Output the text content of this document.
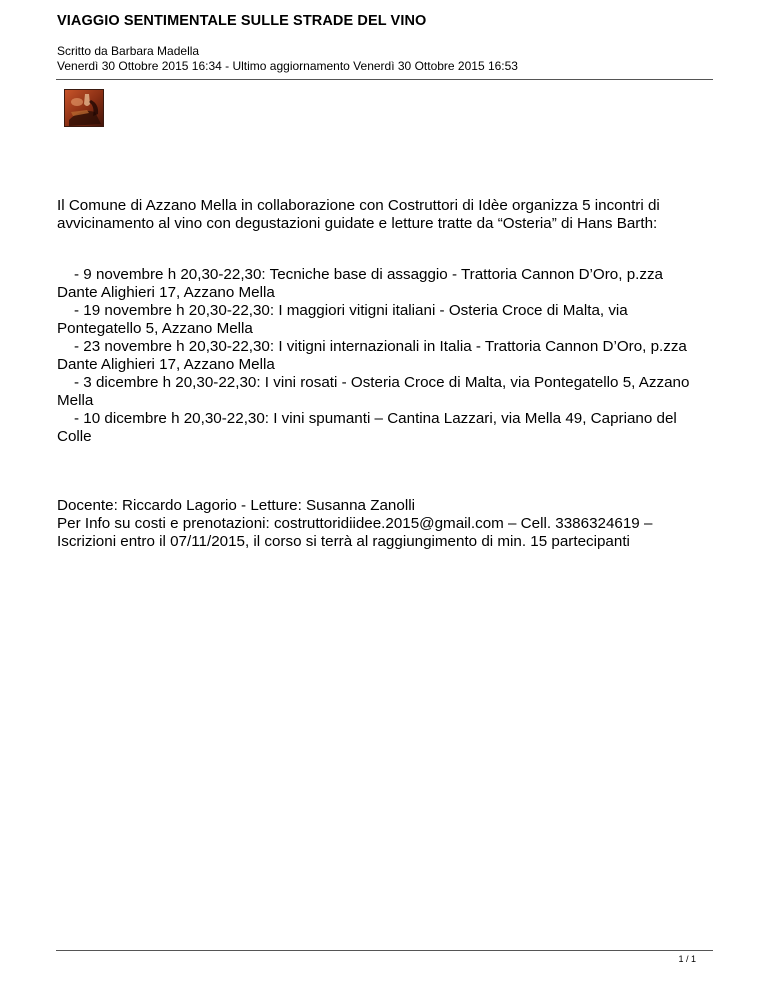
VIAGGIO SENTIMENTALE SULLE STRADE DEL VINO
Scritto da Barbara Madella
Venerdì 30 Ottobre 2015 16:34 - Ultimo aggiornamento Venerdì 30 Ottobre 2015 16:53
Il Comune di Azzano Mella in collaborazione con Costruttori di Idèe organizza 5 incontri di
avvicinamento al vino con degustazioni guidate e letture tratte da “Osteria” di Hans Barth:
- 9 novembre h 20,30-22,30: Tecniche base di assaggio - Trattoria Cannon D’Oro, p.zza
Dante Alighieri 17, Azzano Mella
- 19 novembre h 20,30-22,30: I maggiori vitigni italiani - Osteria Croce di Malta, via
Pontegatello 5, Azzano Mella
- 23 novembre h 20,30-22,30: I vitigni internazionali in Italia - Trattoria Cannon D’Oro, p.zza
Dante Alighieri 17, Azzano Mella
- 3 dicembre h 20,30-22,30: I vini rosati - Osteria Croce di Malta, via Pontegatello 5, Azzano
Mella
- 10 dicembre h 20,30-22,30: I vini spumanti – Cantina Lazzari, via Mella 49, Capriano del
Colle
Docente: Riccardo Lagorio - Letture: Susanna Zanolli
Per Info su costi e prenotazioni: costruttoridiidee.2015@gmail.com – Cell. 3386324619 –
Iscrizioni entro il 07/11/2015, il corso si terrà al raggiungimento di min. 15 partecipanti
1 / 1
